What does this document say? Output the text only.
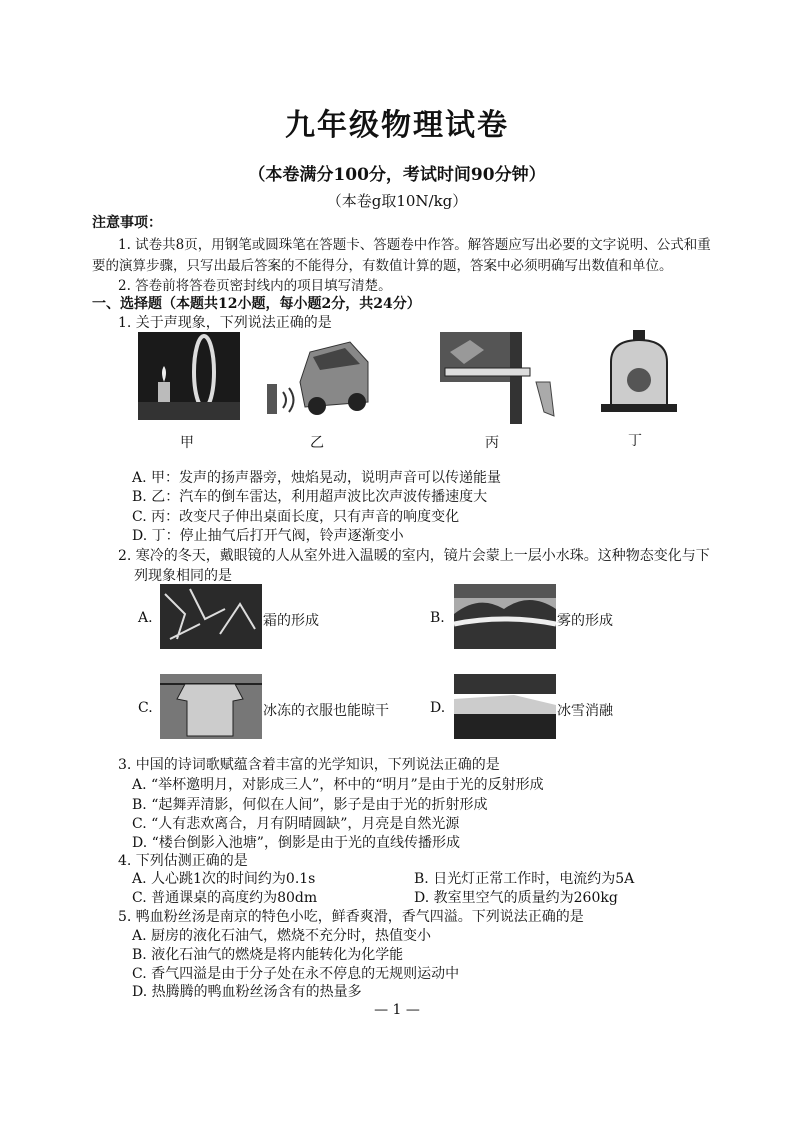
九年级物理试卷
（本卷满分100分，考试时间90分钟）
（本卷g取10N/kg）
注意事项：
1. 试卷共8页，用钢笔或圆珠笔在答题卡、答题卷中作答。解答题应写出必要的文字说明、公式和重
要的演算步骤，只写出最后答案的不能得分，有数值计算的题，答案中必须明确写出数值和单位。
2. 答卷前将答卷页密封线内的项目填写清楚。
一、选择题（本题共12小题，每小题2分，共24分）
1. 关于声现象，下列说法正确的是
甲	乙	丙	丁
A. 甲：发声的扬声器旁，烛焰晃动，说明声音可以传递能量
B. 乙：汽车的倒车雷达，利用超声波比次声波传播速度大
C. 丙：改变尺子伸出桌面长度，只有声音的响度变化
D. 丁：停止抽气后打开气阀，铃声逐渐变小
2. 寒冷的冬天，戴眼镜的人从室外进入温暖的室内，镜片会蒙上一层小水珠。这种物态变化与下
列现象相同的是
A.	霜的形成	B.	雾的形成
C.	冰冻的衣服也能晾干	D.	冰雪消融
3. 中国的诗词歌赋蕴含着丰富的光学知识，下列说法正确的是
A. “举杯邀明月，对影成三人”，杯中的“明月”是由于光的反射形成
B. “起舞弄清影，何似在人间”，影子是由于光的折射形成
C. “人有悲欢离合，月有阴晴圆缺”，月亮是自然光源
D. “楼台倒影入池塘”，倒影是由于光的直线传播形成
4. 下列估测正确的是
A. 人心跳1次的时间约为0.1s	B. 日光灯正常工作时，电流约为5A
C. 普通课桌的高度约为80dm	D. 教室里空气的质量约为260kg
5. 鸭血粉丝汤是南京的特色小吃，鲜香爽滑，香气四溢。下列说法正确的是
A. 厨房的液化石油气，燃烧不充分时，热值变小
B. 液化石油气的燃烧是将内能转化为化学能
C. 香气四溢是由于分子处在永不停息的无规则运动中
D. 热腾腾的鸭血粉丝汤含有的热量多
— 1 —
